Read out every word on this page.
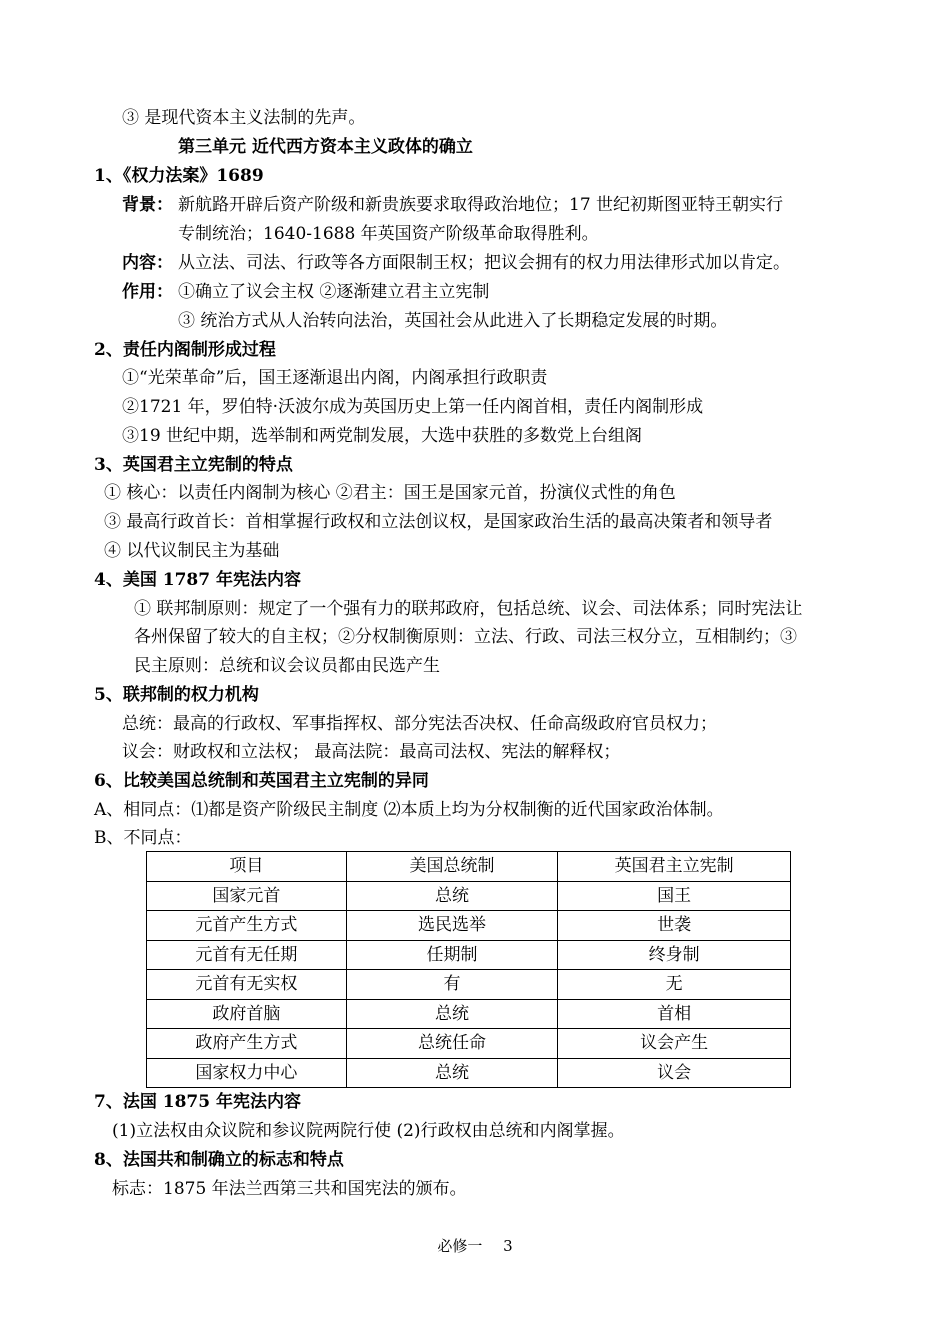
③ 是现代资本主义法制的先声。
第三单元 近代西方资本主义政体的确立
1、《权力法案》1689
背景： 新航路开辟后资产阶级和新贵族要求取得政治地位；17 世纪初斯图亚特王朝实行
专制统治；1640-1688 年英国资产阶级革命取得胜利。
内容： 从立法、司法、行政等各方面限制王权；把议会拥有的权力用法律形式加以肯定。
作用： ①确立了议会主权 ②逐渐建立君主立宪制
③ 统治方式从人治转向法治，英国社会从此进入了长期稳定发展的时期。
2、责任内阁制形成过程
①“光荣革命”后，国王逐渐退出内阁，内阁承担行政职责
②1721 年，罗伯特·沃波尔成为英国历史上第一任内阁首相，责任内阁制形成
③19 世纪中期，选举制和两党制发展，大选中获胜的多数党上台组阁
3、英国君主立宪制的特点
① 核心：以责任内阁制为核心 ②君主：国王是国家元首，扮演仪式性的角色
③ 最高行政首长：首相掌握行政权和立法创议权，是国家政治生活的最高决策者和领导者
④ 以代议制民主为基础
4、美国 1787 年宪法内容
① 联邦制原则：规定了一个强有力的联邦政府，包括总统、议会、司法体系；同时宪法让
各州保留了较大的自主权；②分权制衡原则：立法、行政、司法三权分立，互相制约；③
民主原则：总统和议会议员都由民选产生
5、联邦制的权力机构
总统：最高的行政权、军事指挥权、部分宪法否决权、任命高级政府官员权力；
议会：财政权和立法权； 最高法院：最高司法权、宪法的解释权；
6、比较美国总统制和英国君主立宪制的异同
A、相同点：⑴都是资产阶级民主制度 ⑵本质上均为分权制衡的近代国家政治体制。
B、不同点：
项目	美国总统制	英国君主立宪制
国家元首	总统	国王
元首产生方式	选民选举	世袭
元首有无任期	任期制	终身制
元首有无实权	有	无
政府首脑	总统	首相
政府产生方式	总统任命	议会产生
国家权力中心	总统	议会
7、法国 1875 年宪法内容
(1)立法权由众议院和参议院两院行使 (2)行政权由总统和内阁掌握。
8、法国共和制确立的标志和特点
标志：1875 年法兰西第三共和国宪法的颁布。
必修一 3
